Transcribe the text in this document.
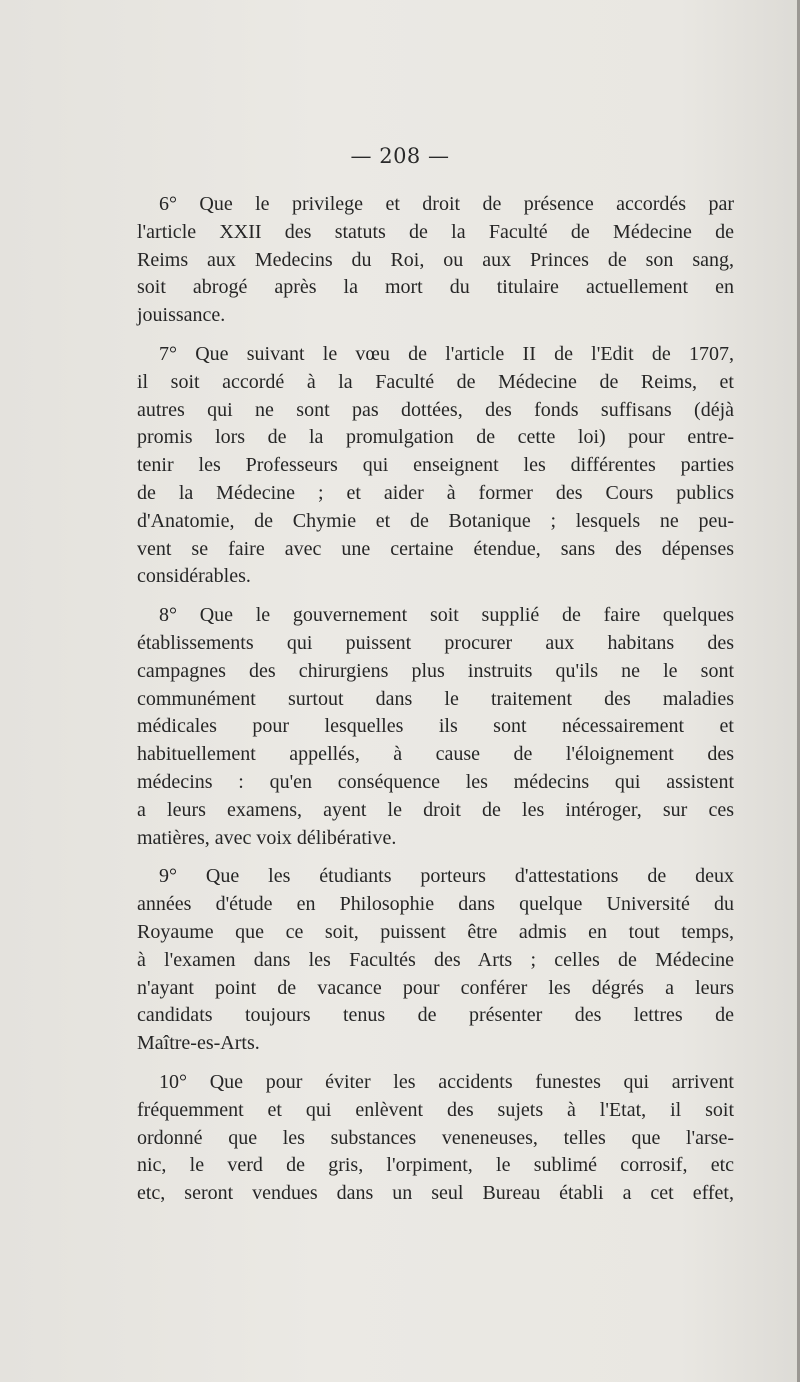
— 208 —
6° Que le privilege et droit de présence accordés par
l'article XXII des statuts de la Faculté de Médecine de
Reims aux Medecins du Roi, ou aux Princes de son sang,
soit abrogé après la mort du titulaire actuellement en
jouissance.
7° Que suivant le vœu de l'article II de l'Edit de 1707,
il soit accordé à la Faculté de Médecine de Reims, et
autres qui ne sont pas dottées, des fonds suffisans (déjà
promis lors de la promulgation de cette loi) pour entre-
tenir les Professeurs qui enseignent les différentes parties
de la Médecine ; et aider à former des Cours publics
d'Anatomie, de Chymie et de Botanique ; lesquels ne peu-
vent se faire avec une certaine étendue, sans des dépenses
considérables.
8° Que le gouvernement soit supplié de faire quelques
établissements qui puissent procurer aux habitans des
campagnes des chirurgiens plus instruits qu'ils ne le sont
communément surtout dans le traitement des maladies
médicales pour lesquelles ils sont nécessairement et
habituellement appellés, à cause de l'éloignement des
médecins : qu'en conséquence les médecins qui assistent
a leurs examens, ayent le droit de les intéroger, sur ces
matières, avec voix délibérative.
9° Que les étudiants porteurs d'attestations de deux
années d'étude en Philosophie dans quelque Université du
Royaume que ce soit, puissent être admis en tout temps,
à l'examen dans les Facultés des Arts ; celles de Médecine
n'ayant point de vacance pour conférer les dégrés a leurs
candidats toujours tenus de présenter des lettres de
Maître-es-Arts.
10° Que pour éviter les accidents funestes qui arrivent
fréquemment et qui enlèvent des sujets à l'Etat, il soit
ordonné que les substances veneneuses, telles que l'arse-
nic, le verd de gris, l'orpiment, le sublimé corrosif, etc
etc, seront vendues dans un seul Bureau établi a cet effet,
